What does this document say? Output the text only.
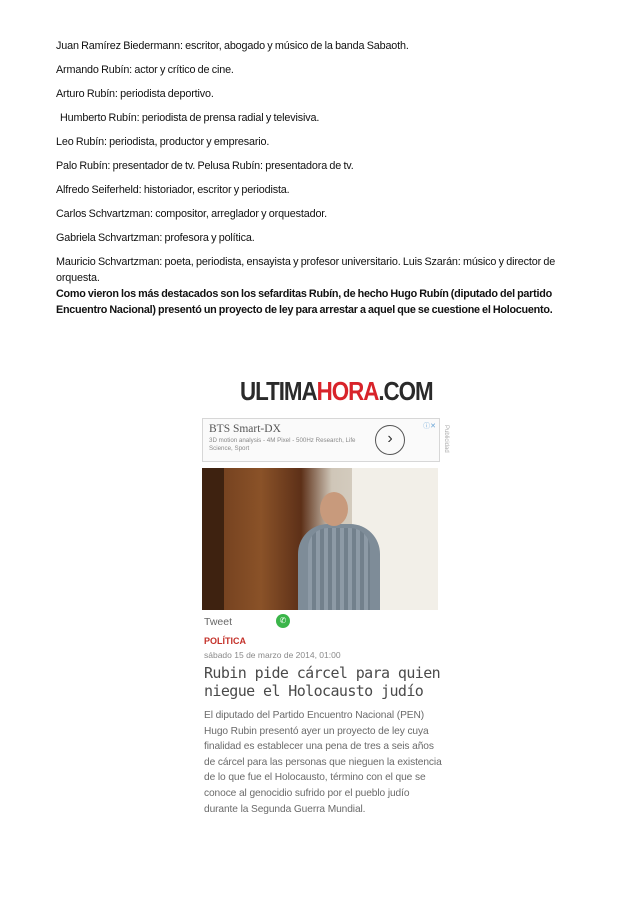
Juan Ramírez Biedermann: escritor, abogado y músico de la banda Sabaoth.

Armando Rubín: actor y crítico de cine.

Arturo Rubín: periodista deportivo.

Humberto Rubín: periodista de prensa radial y televisiva.

Leo Rubín: periodista, productor y empresario.

Palo Rubín: presentador de tv. Pelusa Rubín: presentadora de tv.

Alfredo Seiferheld: historiador, escritor y periodista.

Carlos Schvartzman: compositor, arreglador y orquestador.

Gabriela Schvartzman: profesora y política.

Mauricio Schvartzman: poeta, periodista, ensayista y profesor universitario. Luis Szarán: músico y director de orquesta.

Como vieron los más destacados son los sefarditas Rubín, de hecho Hugo Rubín (diputado del partido Encuentro Nacional) presentó un proyecto de ley para arrestar a aquel que se cuestione el Holocuento.

ULTIMAHORA.COM
BTS Smart-DX
3D motion analysis - 4M Pixel - 500Hz Research, Life Science, Sport
›
ⓘ✕ Publicidad
Tweet	✆
POLÍTICA
sábado 15 de marzo de 2014, 01:00
Rubin pide cárcel para quien niegue el Holocausto judío
El diputado del Partido Encuentro Nacional (PEN) Hugo Rubin presentó ayer un proyecto de ley cuya finalidad es establecer una pena de tres a seis años de cárcel para las personas que nieguen la existencia de lo que fue el Holocausto, término con el que se conoce al genocidio sufrido por el pueblo judío durante la Segunda Guerra Mundial.
